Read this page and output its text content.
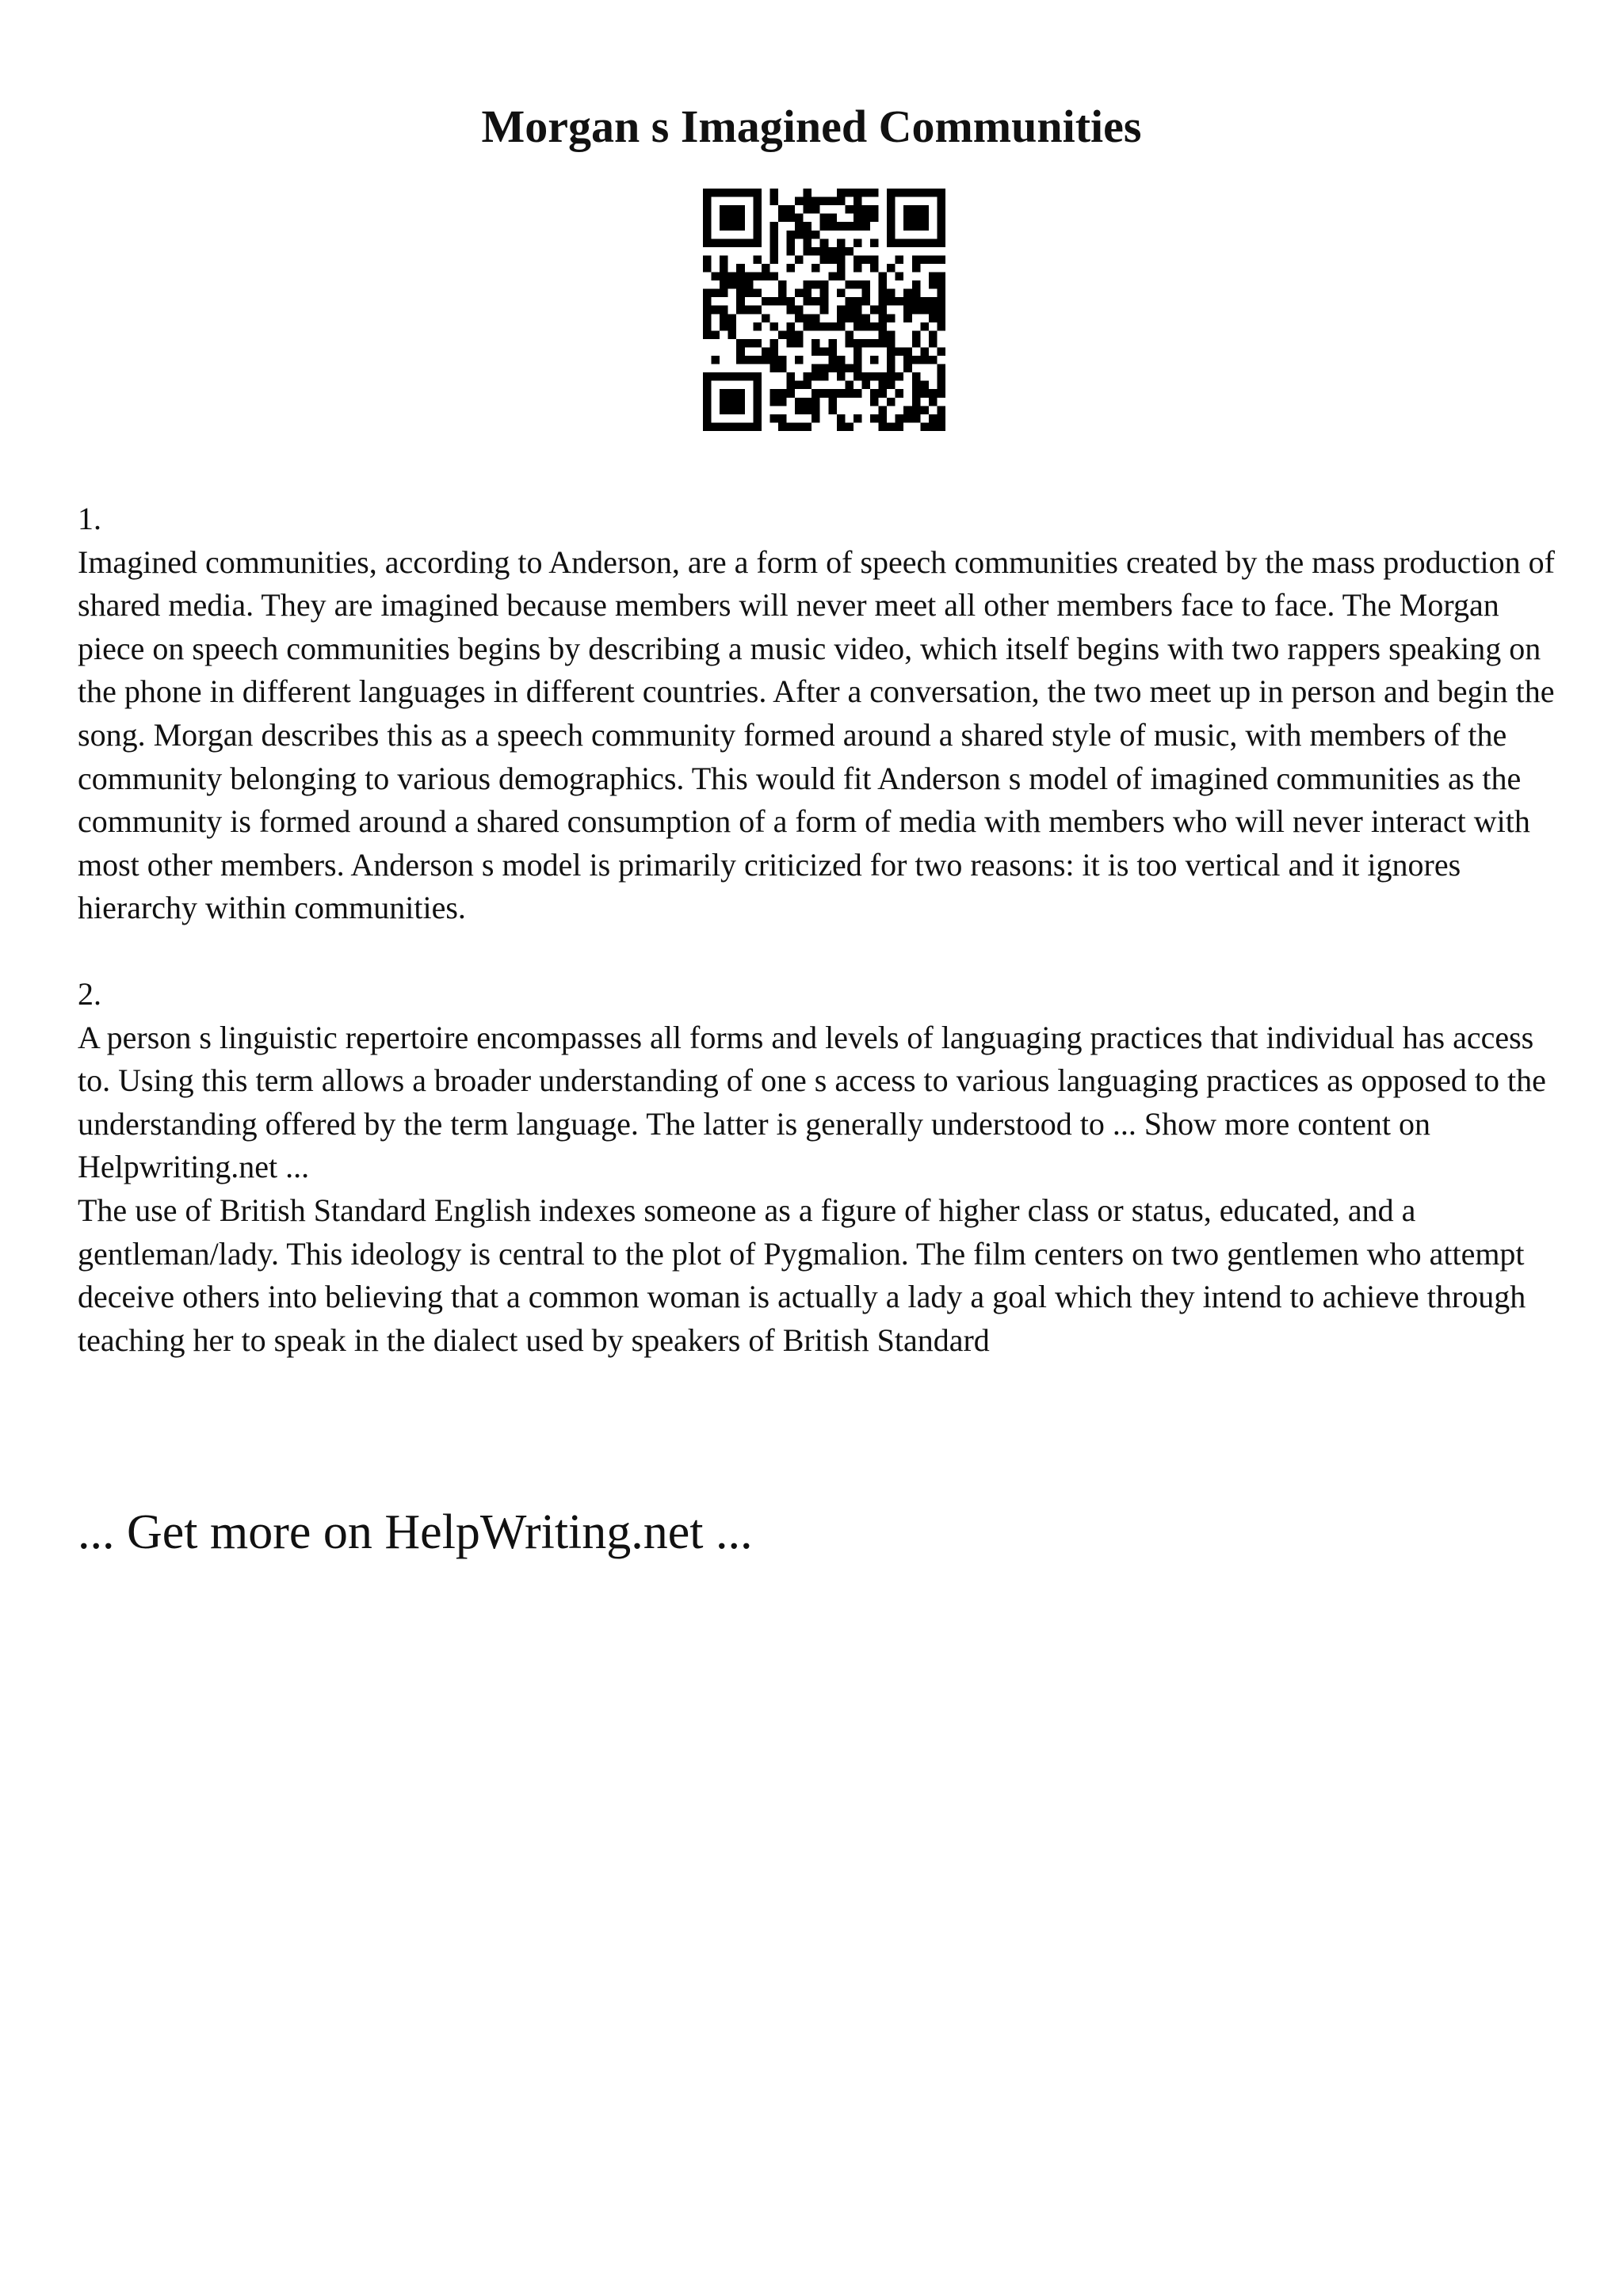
Morgan s Imagined Communities

1.

Imagined communities, according to Anderson, are a form of speech communities created by the mass production of shared media. They are imagined because members will never meet all other members face to face. The Morgan piece on speech communities begins by describing a music video, which itself begins with two rappers speaking on the phone in different languages in different countries. After a conversation, the two meet up in person and begin the song. Morgan describes this as a speech community formed around a shared style of music, with members of the community belonging to various demographics. This would fit Anderson s model of imagined communities as the community is formed around a shared consumption of a form of media with members who will never interact with most other members. Anderson s model is primarily criticized for two reasons: it is too vertical and it ignores hierarchy within communities.

2.

A person s linguistic repertoire encompasses all forms and levels of languaging practices that individual has access to. Using this term allows a broader understanding of one s access to various languaging practices as opposed to the understanding offered by the term language. The latter is generally understood to ... Show more content on Helpwriting.net ...

The use of British Standard English indexes someone as a figure of higher class or status, educated, and a gentleman/lady. This ideology is central to the plot of Pygmalion. The film centers on two gentlemen who attempt deceive others into believing that a common woman is actually a lady a goal which they intend to achieve through teaching her to speak in the dialect used by speakers of British Standard

... Get more on HelpWriting.net ...
